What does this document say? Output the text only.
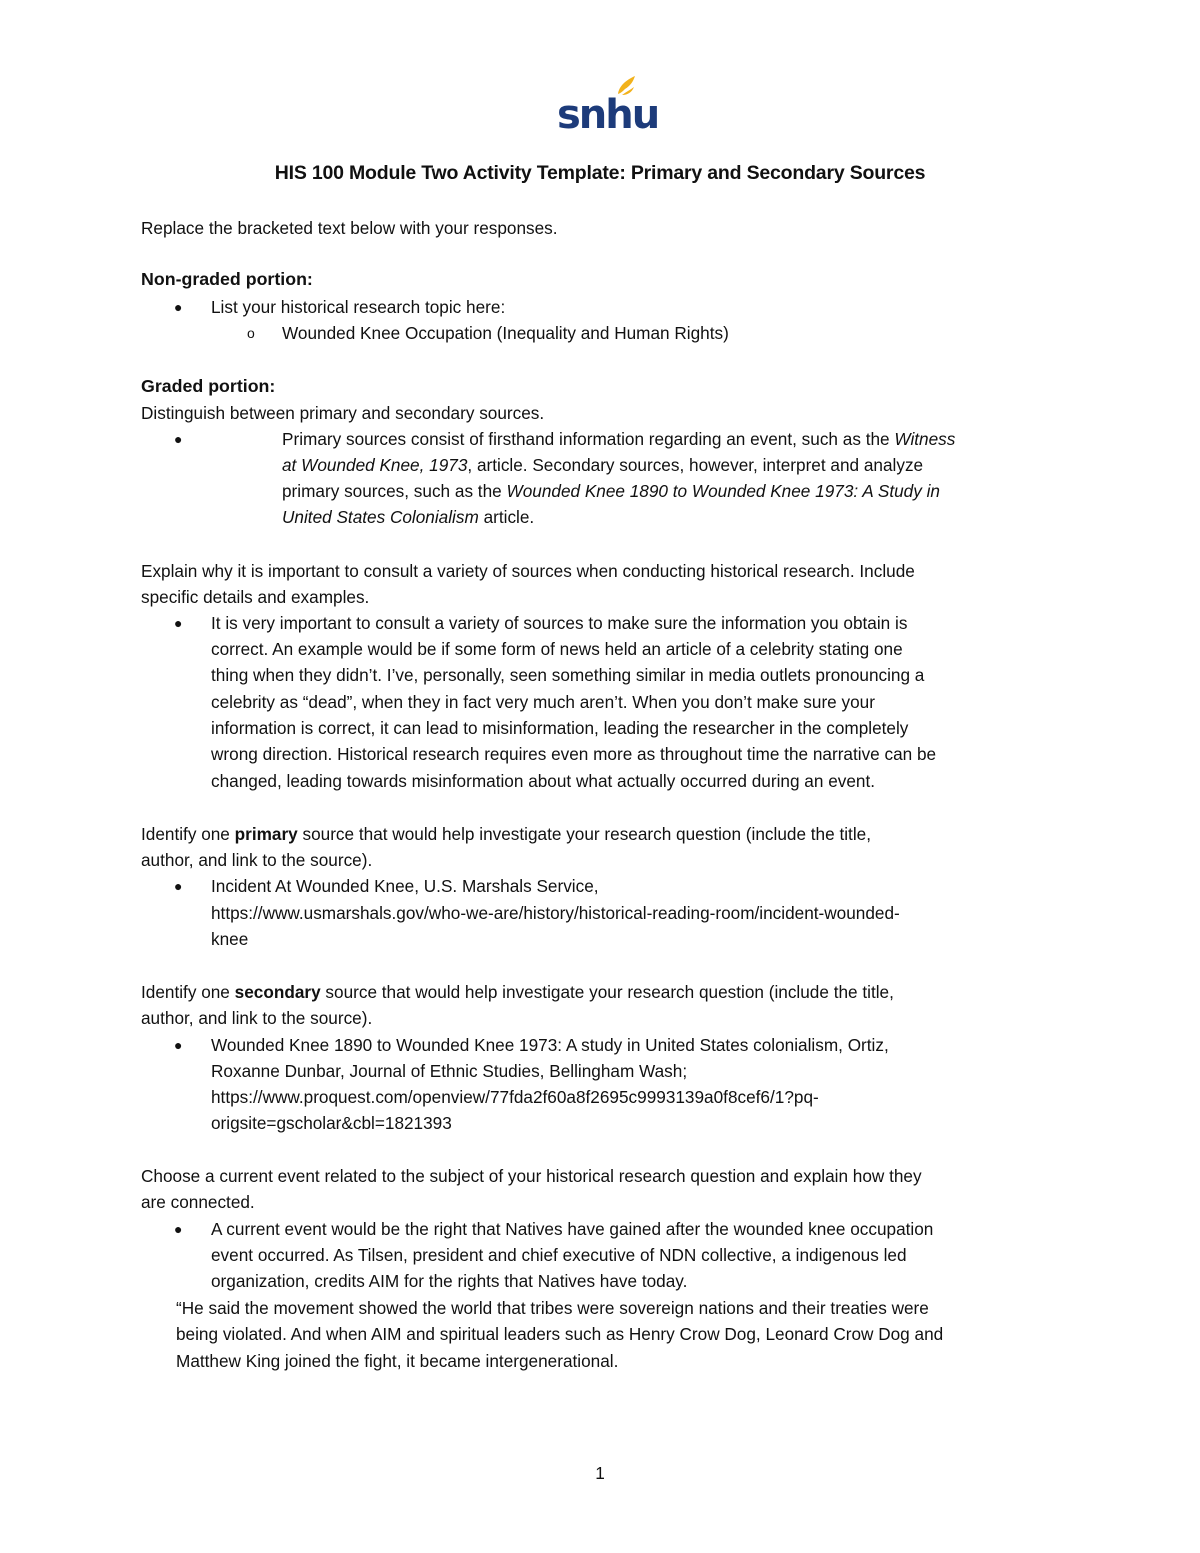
snhu
HIS 100 Module Two Activity Template: Primary and Secondary Sources
Replace the bracketed text below with your responses.
Non-graded portion:
● List your historical research topic here:
o Wounded Knee Occupation (Inequality and Human Rights)
Graded portion:
Distinguish between primary and secondary sources.
●	Primary sources consist of firsthand information regarding an event, such as the Witness
at Wounded Knee, 1973, article. Secondary sources, however, interpret and analyze
primary sources, such as the Wounded Knee 1890 to Wounded Knee 1973: A Study in
United States Colonialism article.
Explain why it is important to consult a variety of sources when conducting historical research. Include
specific details and examples.
● It is very important to consult a variety of sources to make sure the information you obtain is
correct. An example would be if some form of news held an article of a celebrity stating one
thing when they didn’t. I’ve, personally, seen something similar in media outlets pronouncing a
celebrity as “dead”, when they in fact very much aren’t. When you don’t make sure your
information is correct, it can lead to misinformation, leading the researcher in the completely
wrong direction. Historical research requires even more as throughout time the narrative can be
changed, leading towards misinformation about what actually occurred during an event.
Identify one primary source that would help investigate your research question (include the title,
author, and link to the source).
● Incident At Wounded Knee, U.S. Marshals Service,
https://www.usmarshals.gov/who-we-are/history/historical-reading-room/incident-wounded-
knee
Identify one secondary source that would help investigate your research question (include the title,
author, and link to the source).
● Wounded Knee 1890 to Wounded Knee 1973: A study in United States colonialism, Ortiz,
Roxanne Dunbar, Journal of Ethnic Studies, Bellingham Wash;
https://www.proquest.com/openview/77fda2f60a8f2695c9993139a0f8cef6/1?pq-
origsite=gscholar&cbl=1821393
Choose a current event related to the subject of your historical research question and explain how they
are connected.
● A current event would be the right that Natives have gained after the wounded knee occupation
event occurred. As Tilsen, president and chief executive of NDN collective, a indigenous led
organization, credits AIM for the rights that Natives have today.
“He said the movement showed the world that tribes were sovereign nations and their treaties were
being violated. And when AIM and spiritual leaders such as Henry Crow Dog, Leonard Crow Dog and
Matthew King joined the fight, it became intergenerational.
1
